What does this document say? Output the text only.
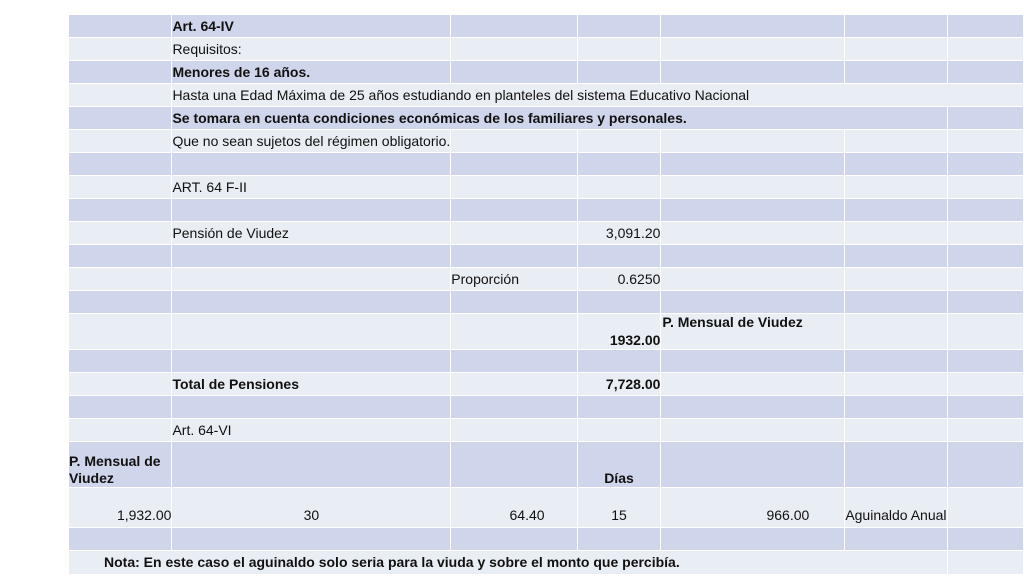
	Art. 64-IV					
	Requisitos:					
	Menores de 16 años.					
	Hasta una Edad Máxima de 25 años estudiando en planteles del sistema Educativo Nacional					
	Se tomara en cuenta condiciones económicas de los familiares y personales.					
	Que no sean sujetos del régimen obligatorio.					

	ART. 64 F-II					

	Pensión de Viudez		3,091.20			

		Proporción	0.6250			

			1932.00	P. Mensual de Viudez		

	Total de Pensiones		7,728.00			

	Art. 64-VI					

P. Mensual de
Viudez			Días			
1,932.00	30	64.40	15	966.00	Aguinaldo Anual	

Nota: En este caso el aguinaldo solo seria para la viuda y sobre el monto que percibía.						
